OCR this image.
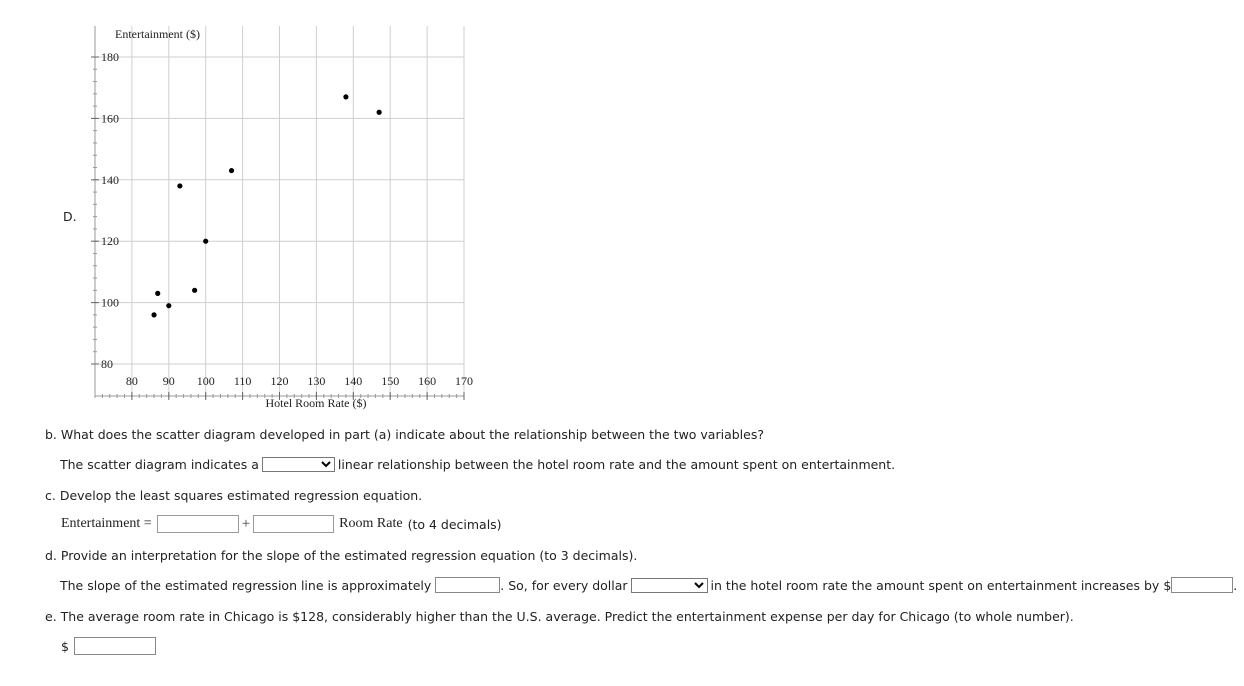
D.
180
160
140
120
100
80
80 90 100 110 120 130 140 150 160 170
Entertainment ($)
Hotel Room Rate ($)
b. What does the scatter diagram developed in part (a) indicate about the relationship between the two variables?
The scatter diagram indicates a	linear relationship between the hotel room rate and the amount spent on entertainment.
c. Develop the least squares estimated regression equation.
Entertainment =	+	Room Rate (to 4 decimals)
d. Provide an interpretation for the slope of the estimated regression equation (to 3 decimals).
The slope of the estimated regression line is approximately	. So, for every dollar	in the hotel room rate the amount spent on entertainment increases by $	.
e. The average room rate in Chicago is $128, considerably higher than the U.S. average. Predict the entertainment expense per day for Chicago (to whole number).
$
